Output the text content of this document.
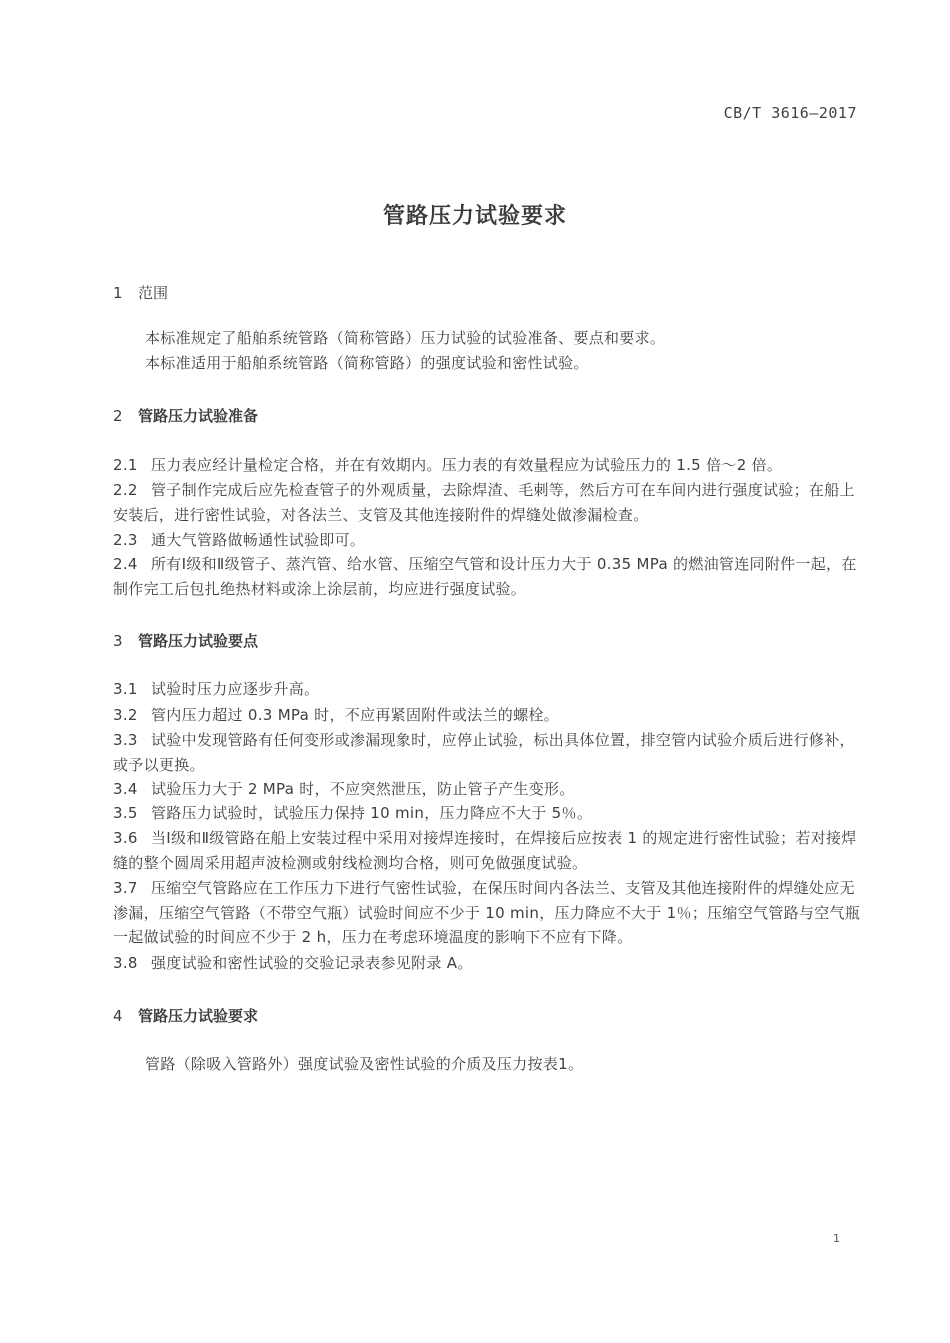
CB/T 3616—2017
管路压力试验要求
1 范围
本标准规定了船舶系统管路（简称管路）压力试验的试验准备、要点和要求。
本标准适用于船舶系统管路（简称管路）的强度试验和密性试验。
2 管路压力试验准备
2.1 压力表应经计量检定合格，并在有效期内。压力表的有效量程应为试验压力的 1.5 倍～2 倍。
2.2 管子制作完成后应先检查管子的外观质量，去除焊渣、毛刺等，然后方可在车间内进行强度试验；在船上安装后，进行密性试验，对各法兰、支管及其他连接附件的焊缝处做渗漏检查。
2.3 通大气管路做畅通性试验即可。
2.4 所有Ⅰ级和Ⅱ级管子、蒸汽管、给水管、压缩空气管和设计压力大于 0.35 MPa 的燃油管连同附件一起，在制作完工后包扎绝热材料或涂上涂层前，均应进行强度试验。
3 管路压力试验要点
3.1 试验时压力应逐步升高。
3.2 管内压力超过 0.3 MPa 时，不应再紧固附件或法兰的螺栓。
3.3 试验中发现管路有任何变形或渗漏现象时，应停止试验，标出具体位置，排空管内试验介质后进行修补，或予以更换。
3.4 试验压力大于 2 MPa 时，不应突然泄压，防止管子产生变形。
3.5 管路压力试验时，试验压力保持 10 min，压力降应不大于 5％。
3.6 当Ⅰ级和Ⅱ级管路在船上安装过程中采用对接焊连接时，在焊接后应按表 1 的规定进行密性试验；若对接焊缝的整个圆周采用超声波检测或射线检测均合格，则可免做强度试验。
3.7 压缩空气管路应在工作压力下进行气密性试验，在保压时间内各法兰、支管及其他连接附件的焊缝处应无渗漏，压缩空气管路（不带空气瓶）试验时间应不少于 10 min，压力降应不大于 1％；压缩空气管路与空气瓶一起做试验的时间应不少于 2 h，压力在考虑环境温度的影响下不应有下降。
3.8 强度试验和密性试验的交验记录表参见附录 A。
4 管路压力试验要求
管路（除吸入管路外）强度试验及密性试验的介质及压力按表1。
1
